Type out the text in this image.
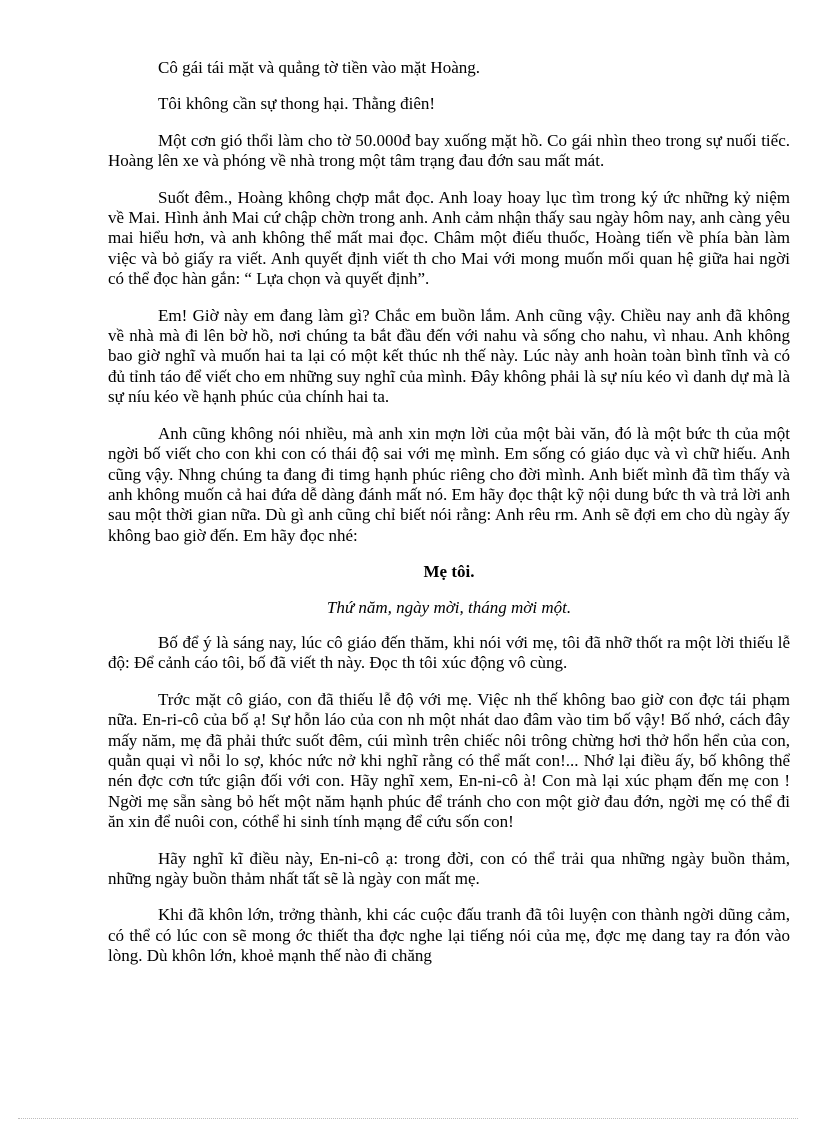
Cô gái tái mặt và quẳng tờ tiền vào mặt Hoàng.

Tôi không cần sự thong hại. Thằng điên!

Một cơn gió thổi làm cho tờ 50.000đ bay xuống mặt hồ. Co gái nhìn theo trong sự nuối tiếc. Hoàng lên xe và phóng về nhà trong một tâm trạng đau đớn sau mất mát.

Suốt đêm., Hoàng không chợp mắt đọc. Anh loay hoay lục tìm trong ký ức những kỷ niệm về Mai. Hình ảnh Mai cứ chập chờn trong anh. Anh cảm nhận thấy sau ngày hôm nay, anh càng yêu mai hiểu hơn, và anh không thể mất mai đọc. Châm một điếu thuốc, Hoàng tiến về phía bàn làm việc và bỏ giấy ra viết. Anh quyết định viết th cho Mai với mong muốn mối quan hệ giữa hai ngời có thể đọc hàn gắn: “ Lựa chọn và quyết định”.

Em! Giờ này em đang làm gì? Chắc em buồn lắm. Anh cũng vậy. Chiều nay anh đã không về nhà mà đi lên bờ hồ, nơi chúng ta bắt đầu đến với nahu và sống cho nahu, vì nhau. Anh không bao giờ nghĩ và muốn hai ta lại có một kết thúc nh thế này. Lúc này anh hoàn toàn bình tĩnh và có đủ tỉnh táo để viết cho em những suy nghĩ của mình. Đây không phải là sự níu kéo vì danh dự mà là sự níu kéo về hạnh phúc của chính hai ta.

Anh cũng không nói nhiều, mà anh xin mợn lời của một bài văn, đó là một bức th của một ngời bố viết cho con khi con có thái độ sai với mẹ mình. Em sống có giáo dục và vì chữ hiếu. Anh cũng vậy. Nhng chúng ta đang đi timg hạnh phúc riêng cho đời mình. Anh biết mình đã tìm thấy và anh không muốn cả hai đứa dễ dàng đánh mất nó. Em hãy đọc thật kỹ nội dung bức th và trả lời anh sau một thời gian nữa. Dù gì anh cũng chỉ biết nói rằng: Anh rêu rm. Anh sẽ đợi em cho dù ngày ấy không bao giờ đến. Em hãy đọc nhé:

Mẹ tôi.

Thứ năm, ngày mời, tháng mời một.

Bố để ý là sáng nay, lúc cô giáo đến thăm, khi nói với mẹ, tôi đã nhỡ thốt ra một lời thiếu lễ độ: Để cảnh cáo tôi, bố đã viết th này. Đọc th tôi xúc động vô cùng.

Trớc mặt cô giáo, con đã thiếu lễ độ với mẹ. Việc nh thế không bao giờ con đợc tái phạm nữa. En-ri-cô của bố ạ! Sự hỗn láo của con nh một nhát dao đâm vào tim bố vậy! Bố nhớ, cách đây mấy năm, mẹ đã phải thức suốt đêm, cúi mình trên chiếc nôi trông chừng hơi thở hổn hển của con, quằn quại vì nỗi lo sợ, khóc nức nở khi nghĩ rằng có thể mất con!... Nhớ lại điều ấy, bố không thể nén đợc cơn tức giận đối với con. Hãy nghĩ xem, En-ni-cô à! Con mà lại xúc phạm đến mẹ con ! Ngời mẹ sẵn sàng bỏ hết một năm hạnh phúc để tránh cho con một giờ đau đớn, ngời mẹ có thể đi ăn xin để nuôi con, cóthể hi sinh tính mạng để cứu sốn con!

Hãy nghĩ kĩ điều này, En-ni-cô ạ: trong đời, con có thể trải qua những ngày buồn thảm, những ngày buồn thảm nhất tất sẽ là ngày con mất mẹ.

Khi đã khôn lớn, trởng thành, khi các cuộc đấu tranh đã tôi luyện con thành ngời dũng cảm, có thể có lúc con sẽ mong ớc thiết tha đợc nghe lại tiếng nói của mẹ, đợc mẹ dang tay ra đón vào lòng. Dù khôn lớn, khoẻ mạnh thế nào đi chăng
